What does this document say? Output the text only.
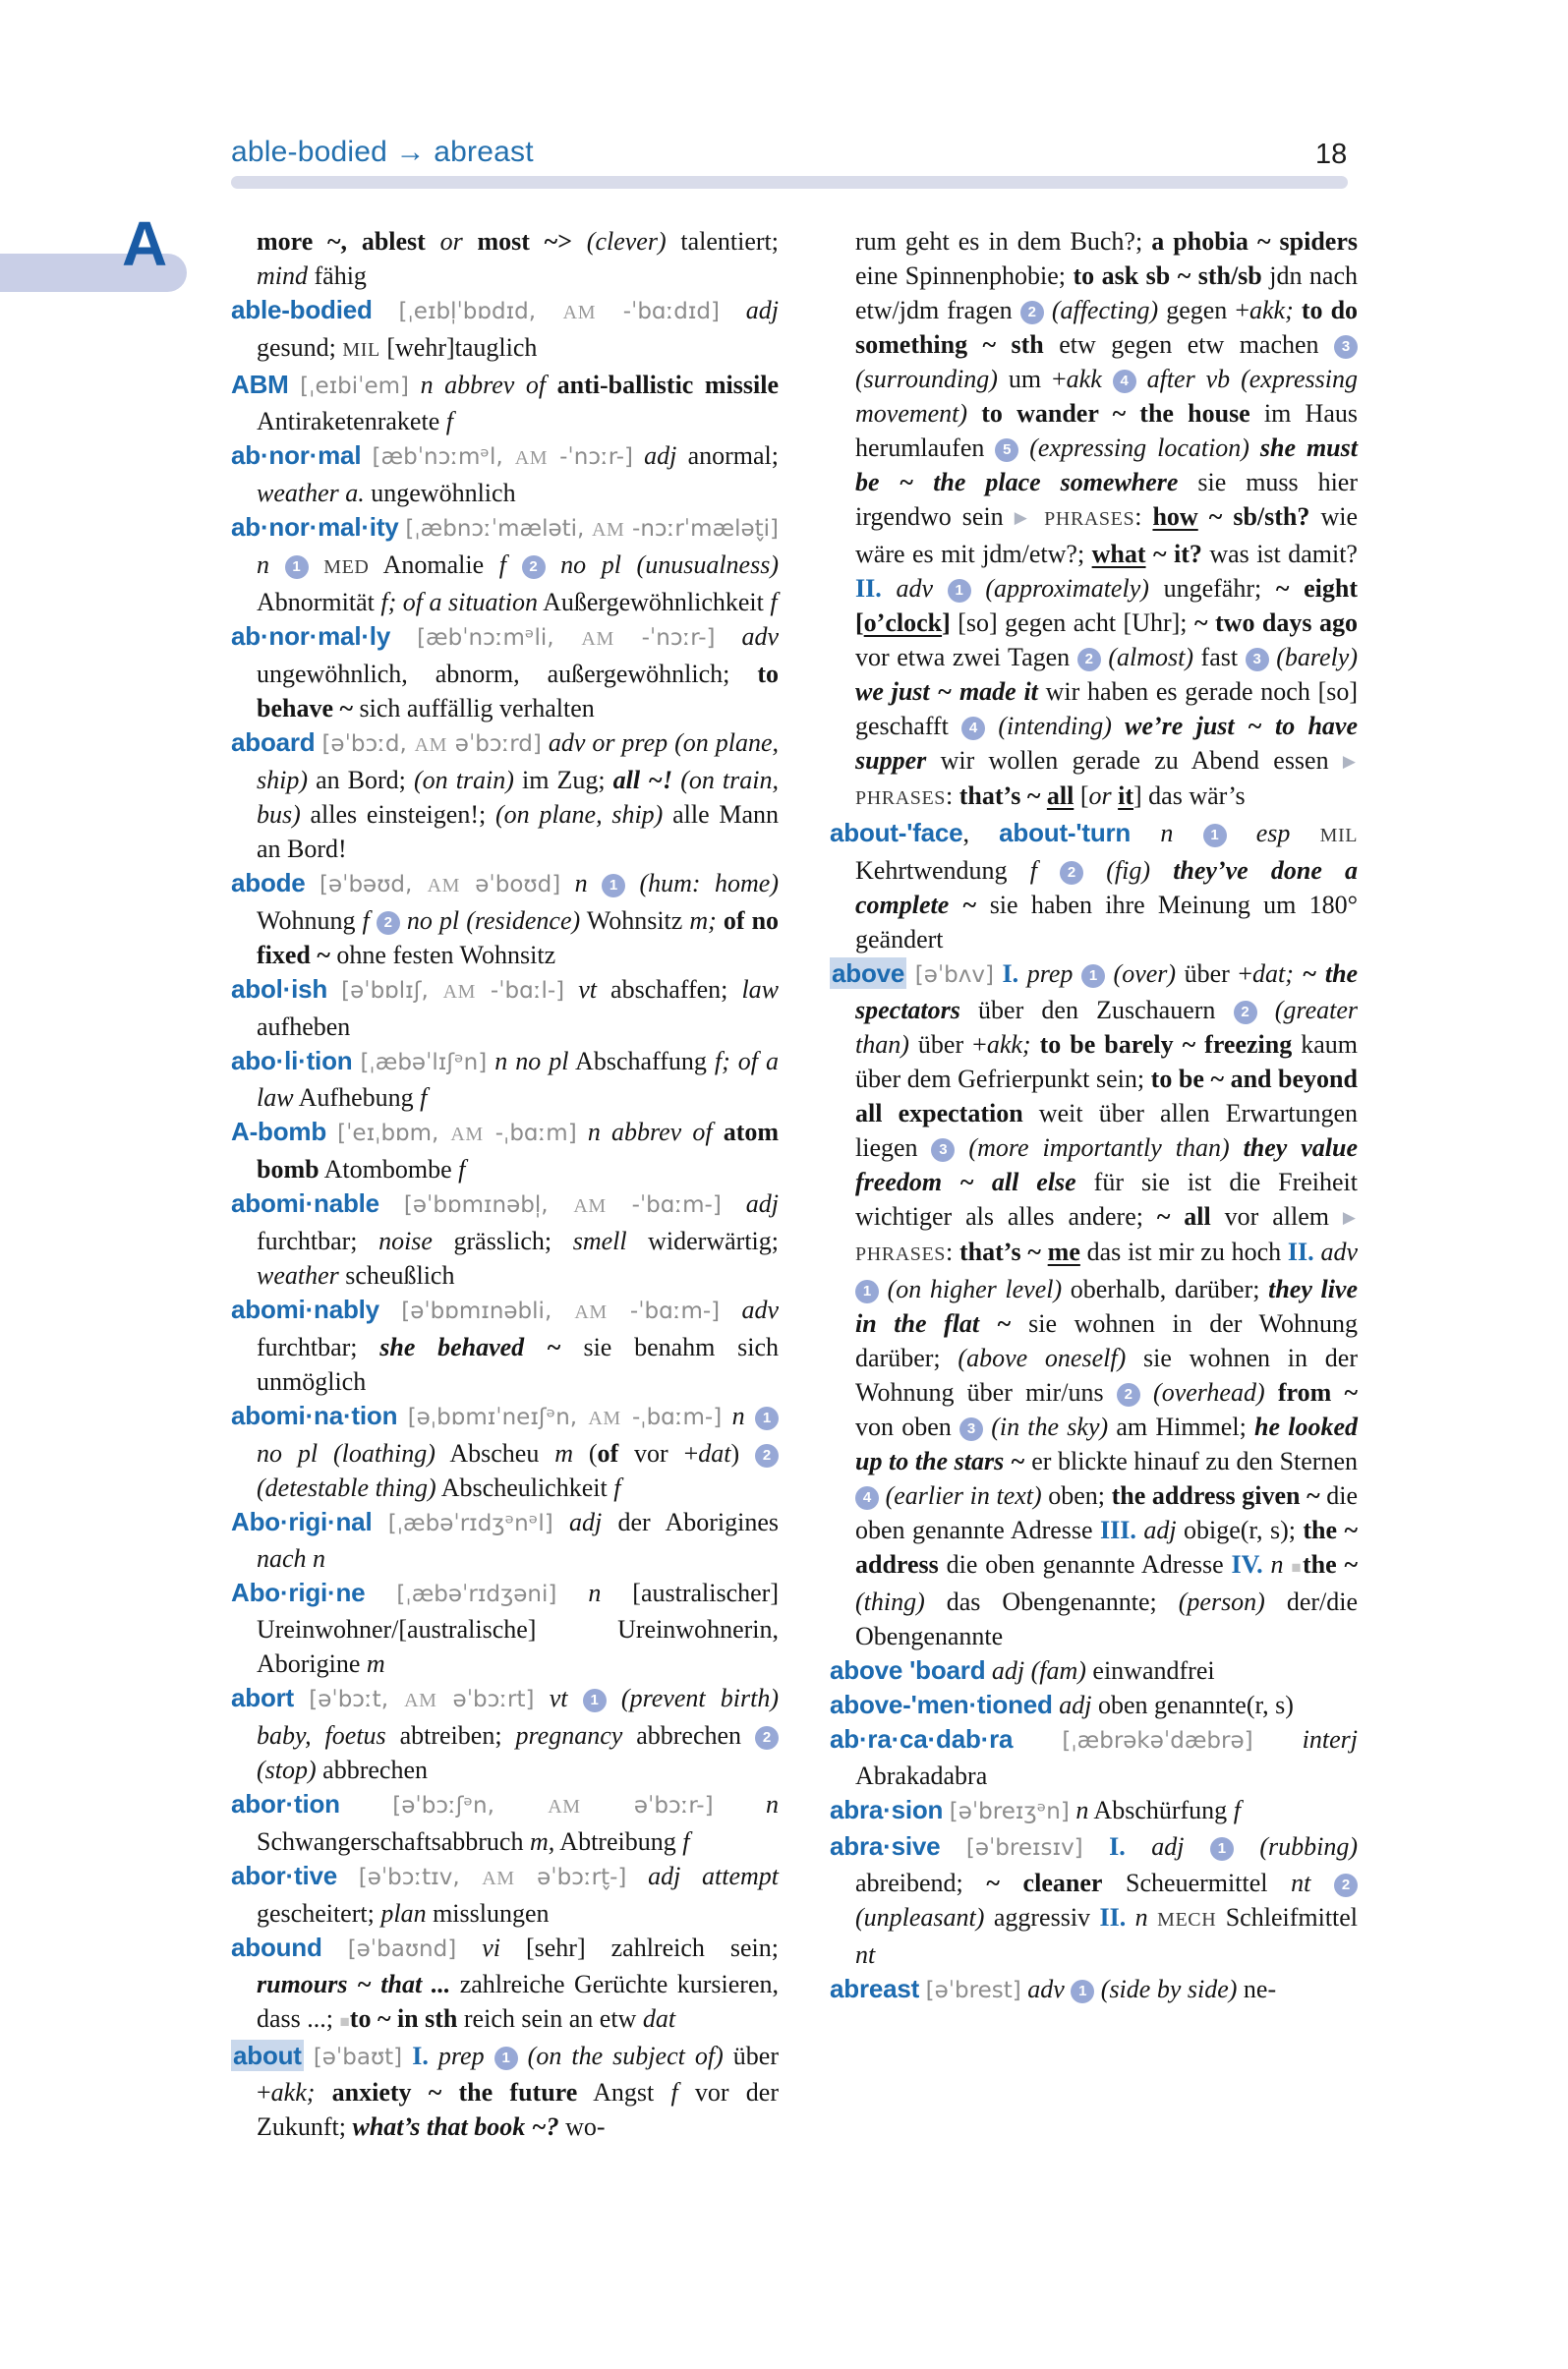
able-bodied → abreast	18
A	more ~, ablest or most ~> (clever) talentiert; mind fähig

able-bodied [ˌeɪbl̩ˈbɒdɪd, AM -ˈbɑːdɪd] adj gesund; MIL [wehr]tauglich

ABM [ˌeɪbiˈem] n abbrev of anti-ballistic missile Antiraketenrakete f

ab·nor·mal [æbˈnɔːmᵊl, AM -ˈnɔːr-] adj anormal; weather a. ungewöhnlich

ab·nor·mal·ity [ˌæbnɔːˈmæləti, AM -nɔːrˈmælət̬i] n 1 MED Anomalie f 2 no pl (unusualness) Abnormität f; of a situation Außergewöhnlichkeit f

ab·nor·mal·ly [æbˈnɔːmᵊli, AM -ˈnɔːr-] adv ungewöhnlich, abnorm, außergewöhnlich; to behave ~ sich auffällig verhalten

aboard [əˈbɔːd, AM əˈbɔːrd] adv or prep (on plane, ship) an Bord; (on train) im Zug; all ~! (on train, bus) alles einsteigen!; (on plane, ship) alle Mann an Bord!

abode [əˈbəʊd, AM əˈboʊd] n 1 (hum: home) Wohnung f 2 no pl (residence) Wohnsitz m; of no fixed ~ ohne festen Wohnsitz

abol·ish [əˈbɒlɪʃ, AM -ˈbɑːl-] vt abschaffen; law aufheben

abo·li·tion [ˌæbəˈlɪʃᵊn] n no pl Abschaffung f; of a law Aufhebung f

A-bomb [ˈeɪˌbɒm, AM -ˌbɑːm] n abbrev of atom bomb Atombombe f

abomi·nable [əˈbɒmɪnəbl̩, AM -ˈbɑːm-] adj furchtbar; noise grässlich; smell widerwärtig; weather scheußlich

abomi·nably [əˈbɒmɪnəbli, AM -ˈbɑːm-] adv furchtbar; she behaved ~ sie benahm sich unmöglich

abomi·na·tion [əˌbɒmɪˈneɪʃᵊn, AM -ˌbɑːm-] n 1 no pl (loathing) Abscheu m (of vor +dat) 2 (detestable thing) Abscheulichkeit f

Abo·rigi·nal [ˌæbəˈrɪdʒᵊnᵊl] adj der Aborigines nach n

Abo·rigi·ne [ˌæbəˈrɪdʒəni] n [australischer] Ureinwohner/[australische] Ureinwohnerin, Aborigine m

abort [əˈbɔːt, AM əˈbɔːrt] vt 1 (prevent birth) baby, foetus abtreiben; pregnancy abbrechen 2 (stop) abbrechen

abor·tion [əˈbɔːʃᵊn, AM əˈbɔːr-] n Schwangerschaftsabbruch m, Abtreibung f

abor·tive [əˈbɔːtɪv, AM əˈbɔːrt̬-] adj attempt gescheitert; plan misslungen

abound [əˈbaʊnd] vi [sehr] zahlreich sein; rumours ~ that ... zahlreiche Gerüchte kursieren, dass ...; ■to ~ in sth reich sein an etw dat

about [əˈbaʊt] I. prep 1 (on the subject of) über +akk; anxiety ~ the future Angst f vor der Zukunft; what’s that book ~? wo-

rum geht es in dem Buch?; a phobia ~ spiders eine Spinnenphobie; to ask sb ~ sth/sb jdn nach etw/jdm fragen 2 (affecting) gegen +akk; to do something ~ sth etw gegen etw machen 3 (surrounding) um +akk 4 after vb (expressing movement) to wander ~ the house im Haus herumlaufen 5 (expressing location) she must be ~ the place somewhere sie muss hier irgendwo sein ▶ PHRASES: how ~ sb/sth? wie wäre es mit jdm/etw?; what ~ it? was ist damit? II. adv 1 (approximately) ungefähr; ~ eight [o’clock] [so] gegen acht [Uhr]; ~ two days ago vor etwa zwei Tagen 2 (almost) fast 3 (barely) we just ~ made it wir haben es gerade noch [so] geschafft 4 (intending) we’re just ~ to have supper wir wollen gerade zu Abend essen ▶ PHRASES: that’s ~ all [or it] das wär’s

about-'face, about-'turn n	1 esp MIL Kehrtwendung f 2 (fig) they’ve done a complete ~ sie haben ihre Meinung um 180° geändert

above [əˈbʌv] I. prep 1 (over) über +dat; ~ the spectators über den Zuschauern 2 (greater than) über +akk; to be barely ~ freezing kaum über dem Gefrierpunkt sein; to be ~ and beyond all expectation weit über allen Erwartungen liegen 3 (more importantly than) they value freedom ~ all else für sie ist die Freiheit wichtiger als alles andere; ~ all vor allem ▶ PHRASES: that’s ~ me das ist mir zu hoch II. adv 1 (on higher level) oberhalb, darüber; they live in the flat ~ sie wohnen in der Wohnung darüber; (above oneself) sie wohnen in der Wohnung über mir/uns 2 (overhead) from ~ von oben 3 (in the sky) am Himmel; he looked up to the stars ~ er blickte hinauf zu den Sternen 4 (earlier in text) oben; the address given ~ die oben genannte Adresse III. adj obige(r, s); the ~ address die oben genannte Adresse IV. n ■the ~ (thing) das Obengenannte; (person) der/die Obengenannte

above 'board adj (fam) einwandfrei

above-'men·tioned adj oben genannte(r, s)

ab·ra·ca·dab·ra [ˌæbrəkəˈdæbrə] interj Abrakadabra

abra·sion [əˈbreɪʒᵊn] n Abschürfung f

abra·sive [əˈbreɪsɪv] I. adj 1 (rubbing) abreibend; ~ cleaner Scheuermittel nt 2 (unpleasant) aggressiv II. n MECH Schleifmittel nt

abreast [əˈbrest] adv 1 (side by side) ne-
